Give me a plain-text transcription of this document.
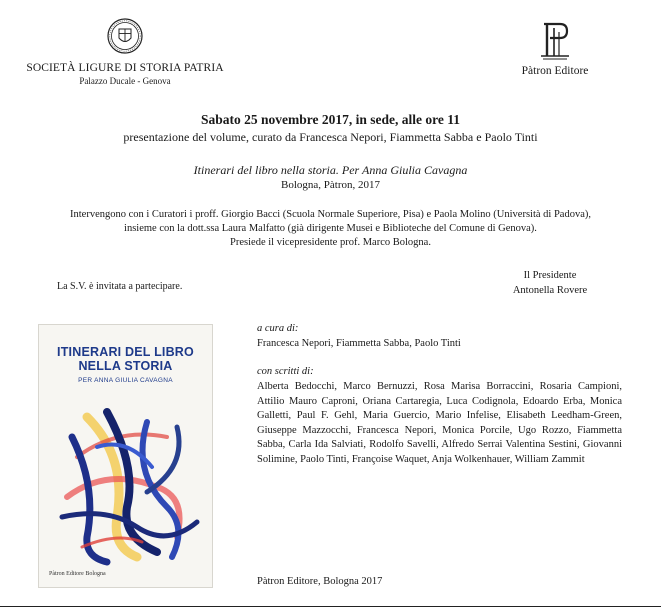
SOCIETÀ LIGURE DI STORIA PATRIA
Palazzo Ducale - Genova
Pàtron Editore
Sabato 25 novembre 2017, in sede, alle ore 11
presentazione del volume, curato da Francesca Nepori, Fiammetta Sabba e Paolo Tinti
Itinerari del libro nella storia. Per Anna Giulia Cavagna
Bologna, Pàtron, 2017
Intervengono con i Curatori i proff. Giorgio Bacci (Scuola Normale Superiore, Pisa) e Paola Molino (Università di Padova),
insieme con la dott.ssa Laura Malfatto (già dirigente Musei e Biblioteche del Comune di Genova).
Presiede il vicepresidente prof. Marco Bologna.
La S.V. è invitata a partecipare.
Il Presidente
Antonella Rovere
ITINERARI DEL LIBRO
NELLA STORIA
PER ANNA GIULIA CAVAGNA
Pàtron Editore Bologna
a cura di:
Francesca Nepori, Fiammetta Sabba, Paolo Tinti
con scritti di:
Alberta Bedocchi, Marco Bernuzzi, Rosa Marisa Borraccini, Rosaria Campioni, Attilio Mauro Caproni, Oriana Cartaregia, Luca Codignola, Edoardo Erba, Monica Galletti, Paul F. Gehl, Maria Guercio, Mario Infelise, Elisabeth Leedham-Green, Giuseppe Mazzocchi, Francesca Nepori, Monica Porcile, Ugo Rozzo, Fiammetta Sabba, Carla Ida Salviati, Rodolfo Savelli, Alfredo Serrai Valentina Sestini, Giovanni Solimine, Paolo Tinti, Françoise Waquet, Anja Wolkenhauer, William Zammit
Pàtron Editore, Bologna 2017
